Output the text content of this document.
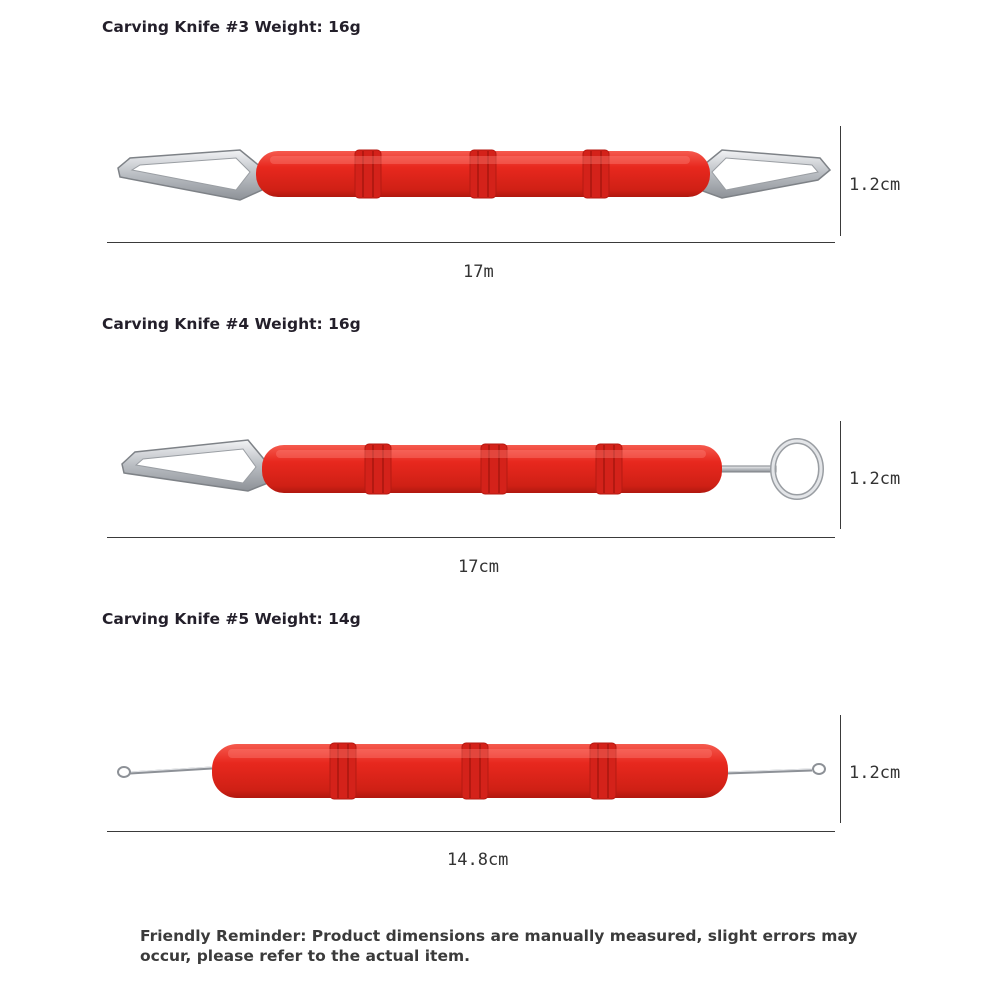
Carving Knife #3 Weight: 16g
17m
1.2cm
Carving Knife #4 Weight: 16g
17cm
1.2cm
Carving Knife #5 Weight: 14g
14.8cm
1.2cm
Friendly Reminder: Product dimensions are manually measured, slight errors may occur, please refer to the actual item.
